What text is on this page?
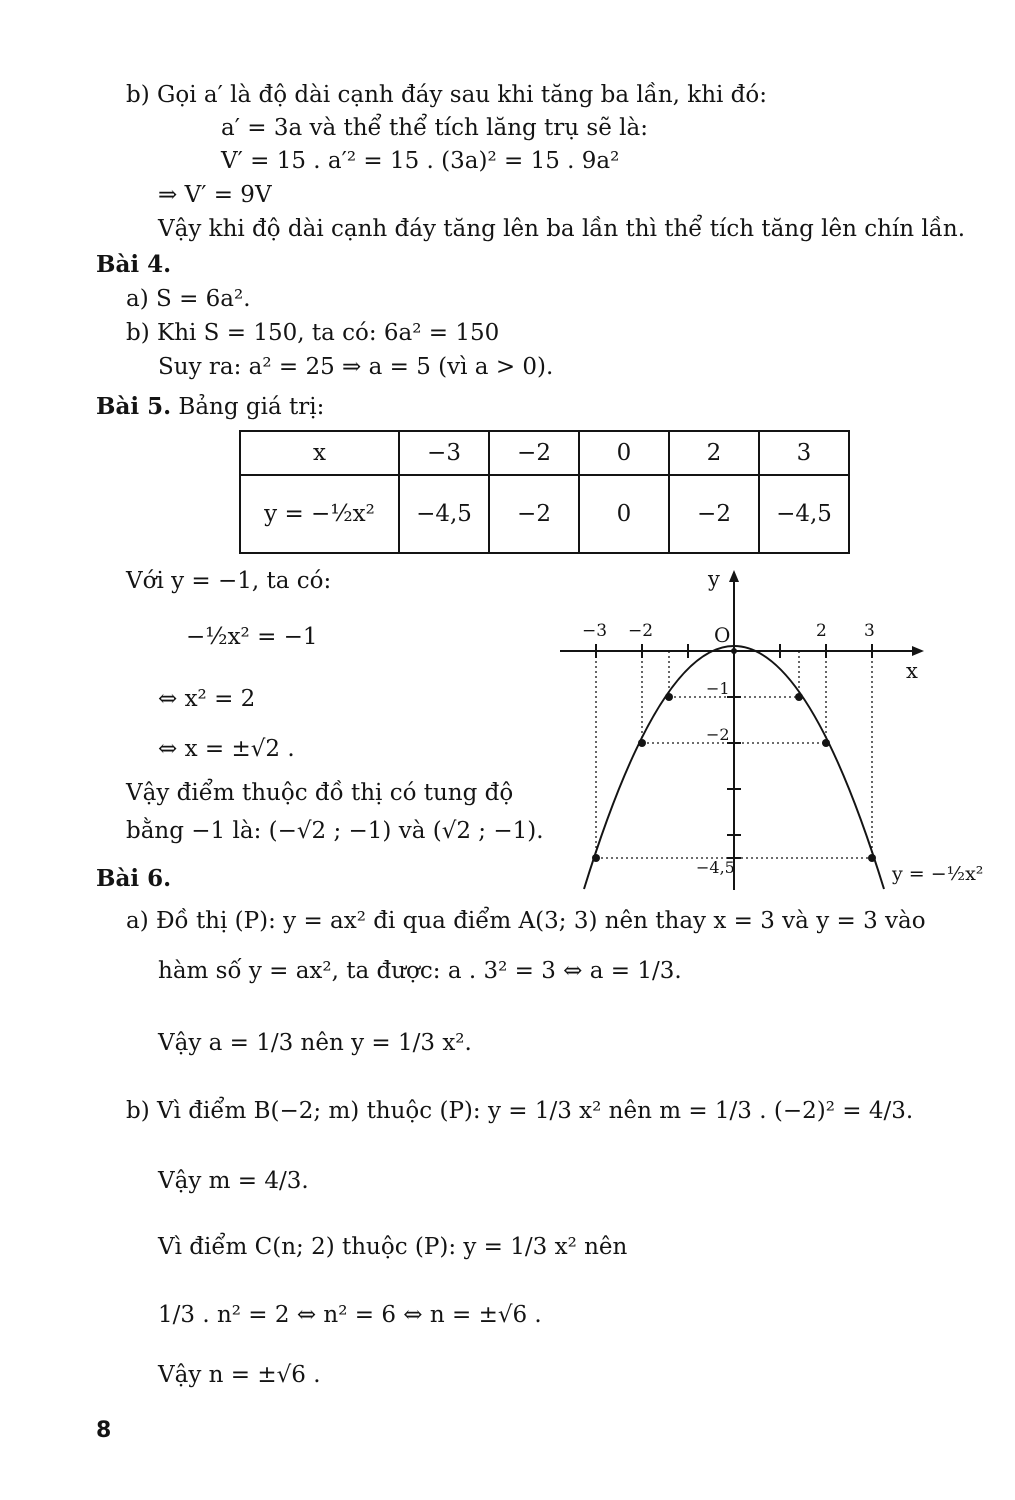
b) Gọi a′ là độ dài cạnh đáy sau khi tăng ba lần, khi đó:
a′ = 3a và thể thể tích lăng trụ sẽ là:
V′ = 15 . a′² = 15 . (3a)² = 15 . 9a²
⇒ V′ = 9V
Vậy khi độ dài cạnh đáy tăng lên ba lần thì thể tích tăng lên chín lần.
Bài 4.
a) S = 6a².
b) Khi S = 150, ta có: 6a² = 150
Suy ra: a² = 25 ⇒ a = 5 (vì a > 0).
Bài 5. Bảng giá trị:
x	−3	−2	0	2	3
y = −½x²	−4,5	−2	0	−2	−4,5
Với y = −1, ta có:
−½x² = −1
⇔ x² = 2
⇔ x = ±√2 .
Vậy điểm thuộc đồ thị có tung độ
bằng −1 là: (−√2 ; −1) và (√2 ; −1).
y
x
O
−3 −2	2 3
−1
−2
−4,5	y = −½x²
Bài 6.
a) Đồ thị (P): y = ax² đi qua điểm A(3; 3) nên thay x = 3 và y = 3 vào
hàm số y = ax², ta được: a . 3² = 3 ⇔ a = 1/3.
Vậy a = 1/3 nên y = 1/3 x².
b) Vì điểm B(−2; m) thuộc (P): y = 1/3 x² nên m = 1/3 . (−2)² = 4/3.
Vậy m = 4/3.
Vì điểm C(n; 2) thuộc (P): y = 1/3 x² nên
1/3 . n² = 2 ⇔ n² = 6 ⇔ n = ±√6 .
Vậy n = ±√6 .
8
